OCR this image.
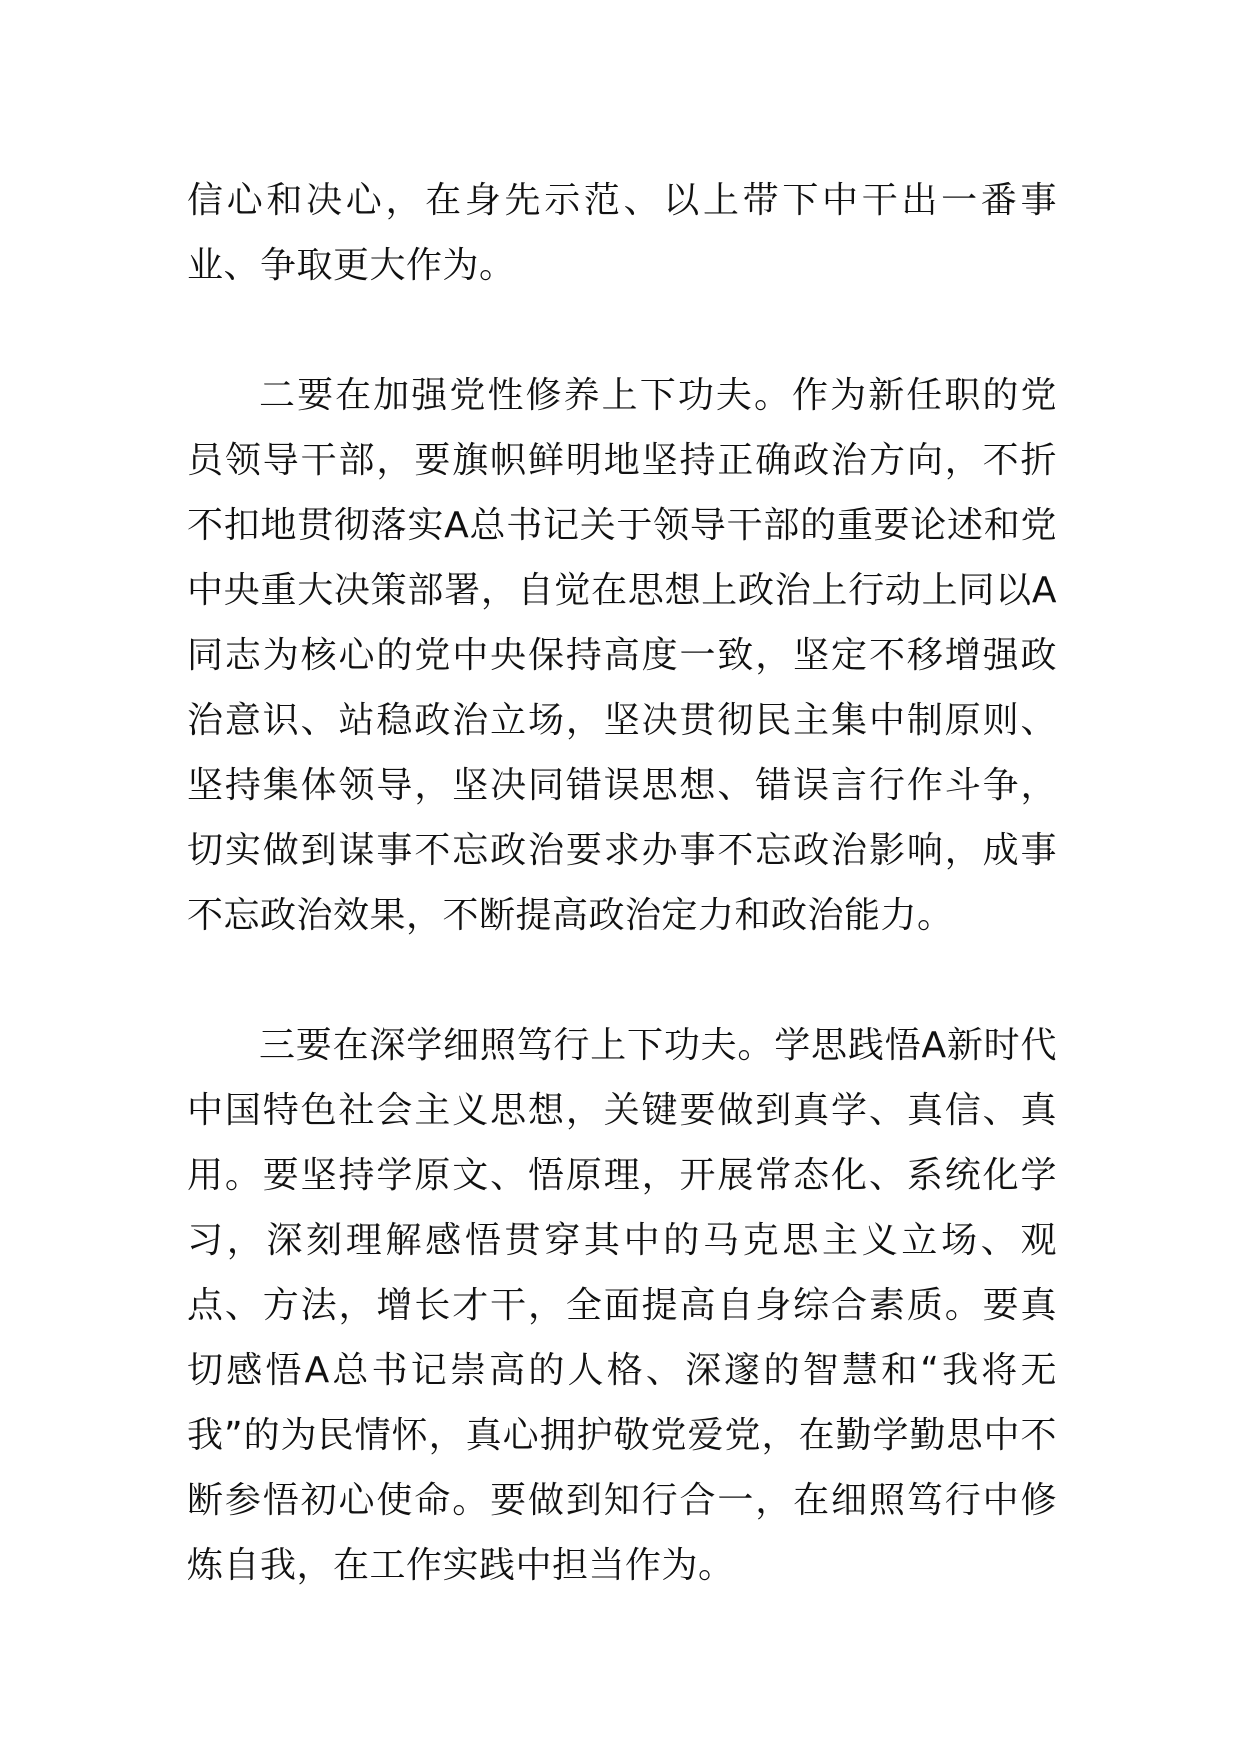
信心和决心，在身先示范、以上带下中干出一番事业、争取更大作为。

二要在加强党性修养上下功夫。作为新任职的党员领导干部，要旗帜鲜明地坚持正确政治方向，不折不扣地贯彻落实A总书记关于领导干部的重要论述和党中央重大决策部署，自觉在思想上政治上行动上同以A同志为核心的党中央保持高度一致，坚定不移增强政治意识、站稳政治立场，坚决贯彻民主集中制原则、坚持集体领导，坚决同错误思想、错误言行作斗争，切实做到谋事不忘政治要求办事不忘政治影响，成事不忘政治效果，不断提高政治定力和政治能力。

三要在深学细照笃行上下功夫。学思践悟A新时代中国特色社会主义思想，关键要做到真学、真信、真用。要坚持学原文、悟原理，开展常态化、系统化学习，深刻理解感悟贯穿其中的马克思主义立场、观点、方法，增长才干，全面提高自身综合素质。要真切感悟A总书记崇高的人格、深邃的智慧和“我将无我”的为民情怀，真心拥护敬党爱党，在勤学勤思中不断参悟初心使命。要做到知行合一，在细照笃行中修炼自我，在工作实践中担当作为。
